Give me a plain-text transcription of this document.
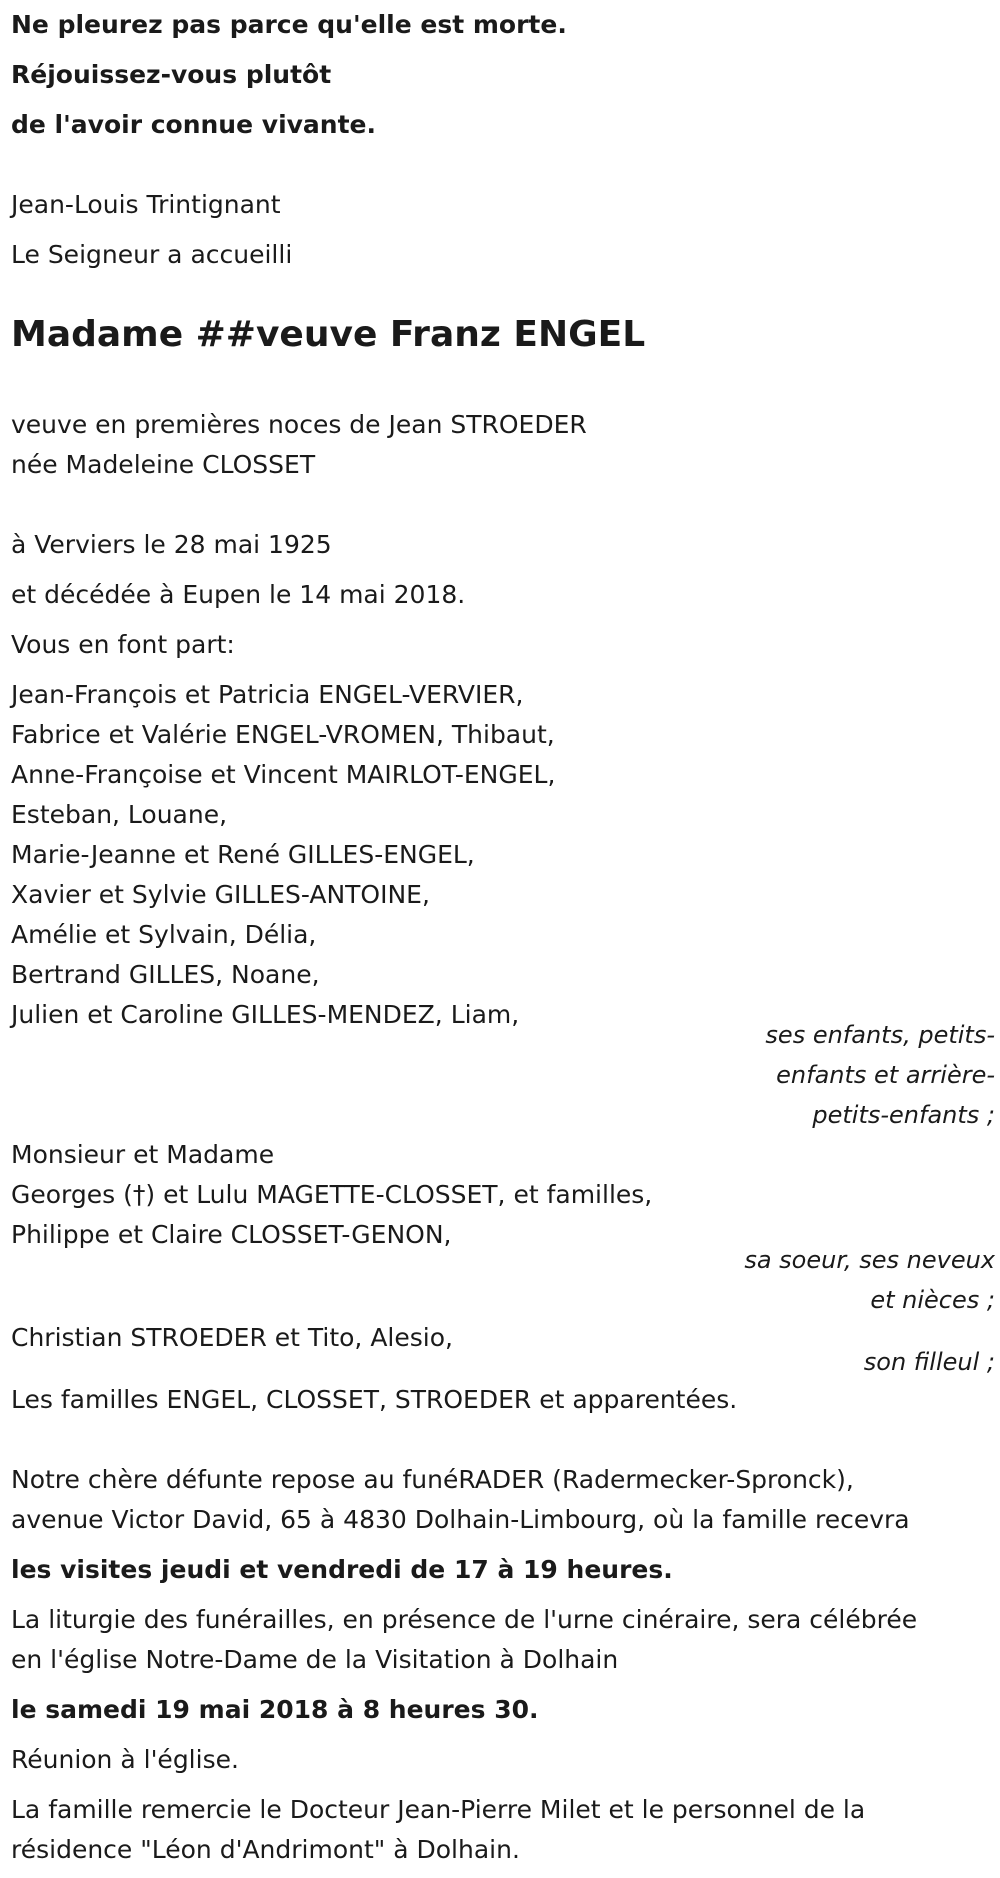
Ne pleurez pas parce qu'elle est morte.
Réjouissez-vous plutôt
de l'avoir connue vivante.
Jean-Louis Trintignant
Le Seigneur a accueilli
Madame ##veuve Franz ENGEL
veuve en premières noces de Jean STROEDER
née Madeleine CLOSSET
à Verviers le 28 mai 1925
et décédée à Eupen le 14 mai 2018.
Vous en font part:
Jean-François et Patricia ENGEL-VERVIER,
Fabrice et Valérie ENGEL-VROMEN, Thibaut,
Anne-Françoise et Vincent MAIRLOT-ENGEL,
Esteban, Louane,
Marie-Jeanne et René GILLES-ENGEL,
Xavier et Sylvie GILLES-ANTOINE,
Amélie et Sylvain, Délia,
Bertrand GILLES, Noane,
Julien et Caroline GILLES-MENDEZ, Liam,
ses enfants, petits-
enfants et arrière-
petits-enfants ;
Monsieur et Madame
Georges (†) et Lulu MAGETTE-CLOSSET, et familles,
Philippe et Claire CLOSSET-GENON,
sa soeur, ses neveux
et nièces ;
Christian STROEDER et Tito, Alesio,
son filleul ;
Les familles ENGEL, CLOSSET, STROEDER et apparentées.
Notre chère défunte repose au funéRADER (Radermecker-Spronck),
avenue Victor David, 65 à 4830 Dolhain-Limbourg, où la famille recevra
les visites jeudi et vendredi de 17 à 19 heures.
La liturgie des funérailles, en présence de l'urne cinéraire, sera célébrée
en l'église Notre-Dame de la Visitation à Dolhain
le samedi 19 mai 2018 à 8 heures 30.
Réunion à l'église.
La famille remercie le Docteur Jean-Pierre Milet et le personnel de la
résidence "Léon d'Andrimont" à Dolhain.
